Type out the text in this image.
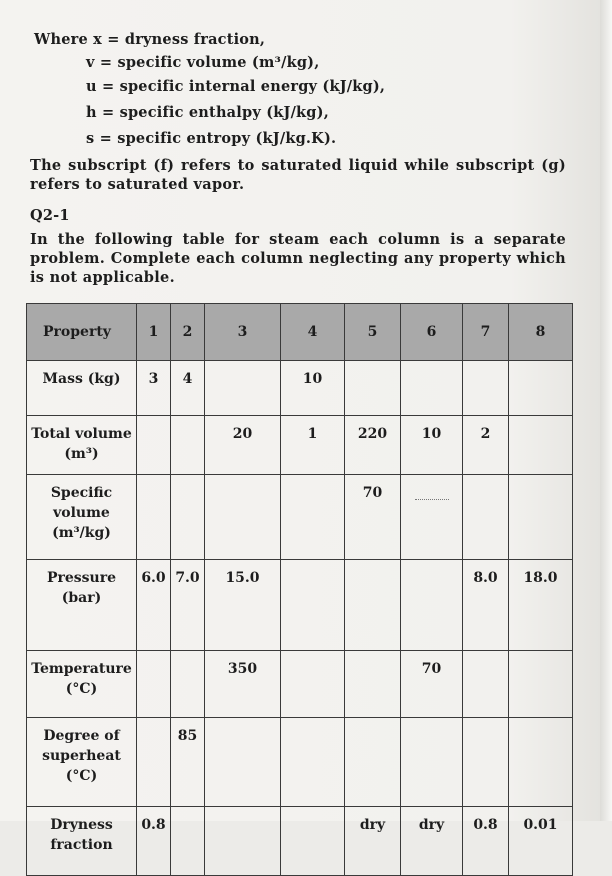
Where x = dryness fraction,
v = specific volume (m³/kg),
u = specific internal energy (kJ/kg),
h = specific enthalpy (kJ/kg),
s = specific entropy (kJ/kg.K).
The subscript (f) refers to saturated liquid while subscript (g) refers to saturated vapor.
Q2-1
In the following table for steam each column is a separate problem. Complete each column neglecting any property which is not applicable.
Property	1	2	3	4	5	6	7	8
Mass (kg)	3	4		10				
Total volume (m³)			20	1	220	10	2	
Specific volume (m³/kg)					70			
Pressure (bar)	6.0	7.0	15.0				8.0	18.0
Temperature (°C)			350			70		
Degree of superheat (°C)		85						
Dryness fraction	0.8				dry	dry	0.8	0.01
